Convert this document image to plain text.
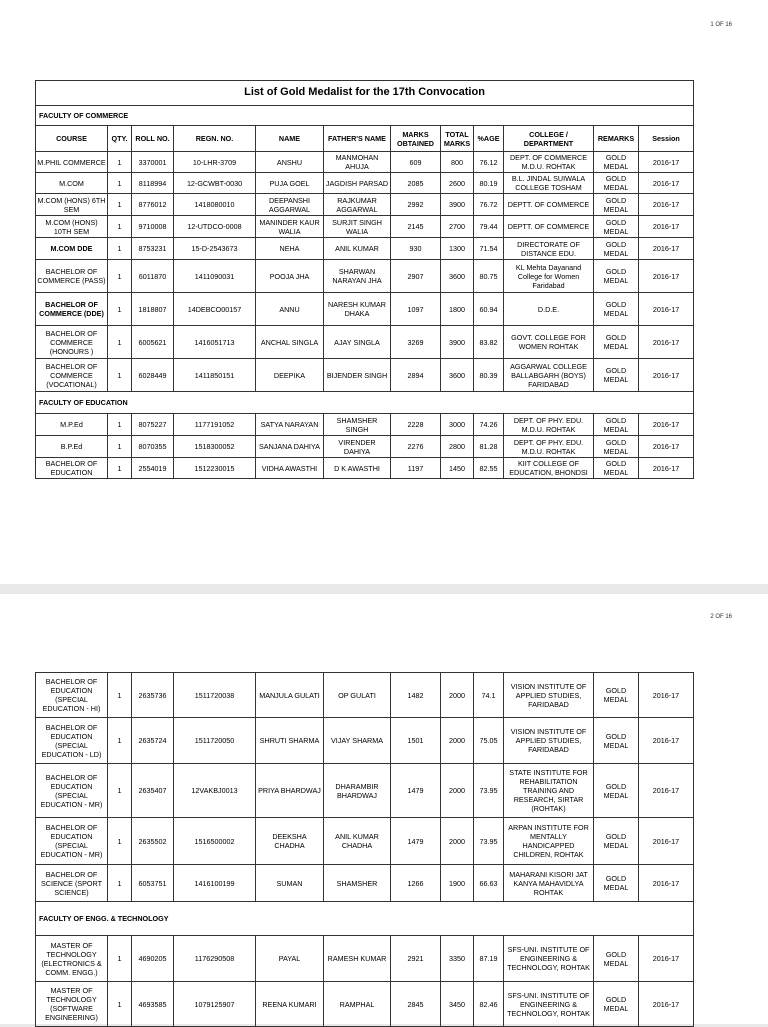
1 OF 16
List of Gold Medalist for the 17th Convocation											
FACULTY OF COMMERCE											
COURSE	QTY.	ROLL NO.	REGN. NO.	NAME	FATHER'S NAME	MARKS OBTAINED	TOTAL MARKS	%AGE	COLLEGE / DEPARTMENT	REMARKS	Session
M.PHIL COMMERCE	1	3370001	10-LHR-3709	ANSHU	MANMOHAN AHUJA	609	800	76.12	DEPT. OF COMMERCE M.D.U. ROHTAK	GOLD MEDAL	2016-17
M.COM	1	8118994	12-GCWBT-0030	PUJA GOEL	JAGDISH PARSAD	2085	2600	80.19	B.L. JINDAL SUIWALA COLLEGE TOSHAM	GOLD MEDAL	2016-17
M.COM (HONS) 6TH SEM	1	8776012	1418080010	DEEPANSHI AGGARWAL	RAJKUMAR AGGARWAL	2992	3900	76.72	DEPTT. OF COMMERCE	GOLD MEDAL	2016-17
M.COM (HONS) 10TH SEM	1	9710008	12-UTDCO-0008	MANINDER KAUR WALIA	SURJIT SINGH WALIA	2145	2700	79.44	DEPTT. OF COMMERCE	GOLD MEDAL	2016-17
M.COM DDE	1	8753231	15-D-2543673	NEHA	ANIL KUMAR	930	1300	71.54	DIRECTORATE OF DISTANCE EDU.	GOLD MEDAL	2016-17
BACHELOR OF COMMERCE (PASS)	1	6011870	1411090031	POOJA JHA	SHARWAN NARAYAN JHA	2907	3600	80.75	KL Mehta Dayanand College for Women Faridabad	GOLD MEDAL	2016-17
BACHELOR OF COMMERCE (DDE)	1	1818807	14DEBCO00157	ANNU	NARESH KUMAR DHAKA	1097	1800	60.94	D.D.E.	GOLD MEDAL	2016-17
BACHELOR OF COMMERCE (HONOURS )	1	6005621	1416051713	ANCHAL SINGLA	AJAY SINGLA	3269	3900	83.82	GOVT. COLLEGE FOR WOMEN ROHTAK	GOLD MEDAL	2016-17
BACHELOR OF COMMERCE (VOCATIONAL)	1	6028449	1411850151	DEEPIKA	BIJENDER SINGH	2894	3600	80.39	AGGARWAL COLLEGE BALLABGARH (BOYS) FARIDABAD	GOLD MEDAL	2016-17
FACULTY OF EDUCATION											
M.P.Ed	1	8075227	1177191052	SATYA NARAYAN	SHAMSHER SINGH	2228	3000	74.26	DEPT. OF PHY. EDU. M.D.U. ROHTAK	GOLD MEDAL	2016-17
B.P.Ed	1	8070355	1518300052	SANJANA DAHIYA	VIRENDER DAHIYA	2276	2800	81.28	DEPT. OF PHY. EDU. M.D.U. ROHTAK	GOLD MEDAL	2016-17
BACHELOR OF EDUCATION	1	2554019	1512230015	VIDHA AWASTHI	D K AWASTHI	1197	1450	82.55	KIIT COLLEGE OF EDUCATION, BHONDSI	GOLD MEDAL	2016-17
2 OF 16
BACHELOR OF EDUCATION (SPECIAL EDUCATION - HI)	1	2635736	1511720038	MANJULA GULATI	OP GULATI	1482	2000	74.1	VISION INSTITUTE OF APPLIED STUDIES, FARIDABAD	GOLD MEDAL	2016-17
BACHELOR OF EDUCATION (SPECIAL EDUCATION - LD)	1	2635724	1511720050	SHRUTI SHARMA	VIJAY SHARMA	1501	2000	75.05	VISION INSTITUTE OF APPLIED STUDIES, FARIDABAD	GOLD MEDAL	2016-17
BACHELOR OF EDUCATION (SPECIAL EDUCATION - MR)	1	2635407	12VAKBJ0013	PRIYA BHARDWAJ	DHARAMBIR BHARDWAJ	1479	2000	73.95	STATE INSTITUTE FOR REHABILITATION TRAINING AND RESEARCH, SIRTAR (ROHTAK)	GOLD MEDAL	2016-17
BACHELOR OF EDUCATION (SPECIAL EDUCATION - MR)	1	2635502	1516500002	DEEKSHA CHADHA	ANIL KUMAR CHADHA	1479	2000	73.95	ARPAN INSTITUTE FOR MENTALLY HANDICAPPED CHILDREN, ROHTAK	GOLD MEDAL	2016-17
BACHELOR OF SCIENCE (SPORT SCIENCE)	1	6053751	1416100199	SUMAN	SHAMSHER	1266	1900	66.63	MAHARANI KISORI JAT KANYA MAHAVIDLYA ROHTAK	GOLD MEDAL	2016-17
FACULTY OF ENGG. & TECHNOLOGY											
MASTER OF TECHNOLOGY (ELECTRONICS & COMM. ENGG.)	1	4690205	1176290508	PAYAL	RAMESH KUMAR	2921	3350	87.19	SFS-UNI. INSTITUTE OF ENGINEERING & TECHNOLOGY, ROHTAK	GOLD MEDAL	2016-17
MASTER OF TECHNOLOGY (SOFTWARE ENGINEERING)	1	4693585	1079125907	REENA KUMARI	RAMPHAL	2845	3450	82.46	SFS-UNI. INSTITUTE OF ENGINEERING & TECHNOLOGY, ROHTAK	GOLD MEDAL	2016-17
